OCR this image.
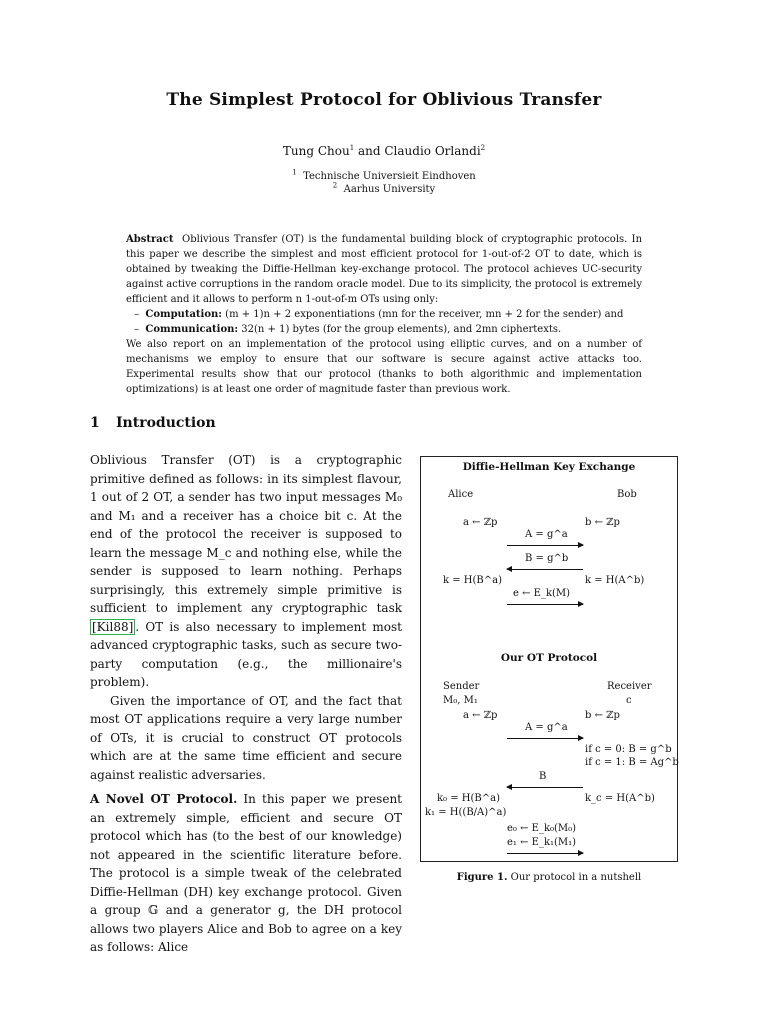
The Simplest Protocol for Oblivious Transfer
Tung Chou$^1$ and Claudio Orlandi$^2$
$^1$ Technische Universieit Eindhoven
$^2$ Aarhus University
Abstract Oblivious Transfer (OT) is the fundamental building block of cryptographic protocols. In this paper we describe the simplest and most efficient protocol for 1-out-of-2 OT to date, which is obtained by tweaking the Diffie-Hellman key-exchange protocol. The protocol achieves UC-security against active corruptions in the random oracle model. Due to its simplicity, the protocol is extremely efficient and it allows to perform n 1-out-of-m OTs using only:
–  Computation: (m + 1)n + 2 exponentiations (mn for the receiver, mn + 2 for the sender) and
–  Communication: 32(n + 1) bytes (for the group elements), and 2mn ciphertexts.
We also report on an implementation of the protocol using elliptic curves, and on a number of mechanisms we employ to ensure that our software is secure against active attacks too. Experimental results show that our protocol (thanks to both algorithmic and implementation optimizations) is at least one order of magnitude faster than previous work.
1 Introduction

Oblivious Transfer (OT) is a cryptographic primitive defined as follows: in its simplest flavour, 1 out of 2 OT, a sender has two input messages M₀ and M₁ and a receiver has a choice bit c. At the end of the protocol the receiver is supposed to learn the message M_c and nothing else, while the sender is supposed to learn nothing. Perhaps surprisingly, this extremely simple primitive is sufficient to implement any cryptographic task [Kil88] . OT is also necessary to implement most advanced cryptographic tasks, such as secure two-party computation (e.g., the millionaire's problem).

Given the importance of OT, and the fact that most OT applications require a very large number of OTs, it is crucial to construct OT protocols which are at the same time efficient and secure against realistic adversaries.

A Novel OT Protocol. In this paper we present an extremely simple, efficient and secure OT protocol which has (to the best of our knowledge) not appeared in the scientific literature before. The protocol is a simple tweak of the celebrated Diffie-Hellman (DH) key exchange protocol. Given a group 𝔾 and a generator g, the DH protocol allows two players Alice and Bob to agree on a key as follows: Alice

Diffie-Hellman Key Exchange
Alice	Bob
a ← ℤp	b ← ℤp
A = g^a
B = g^b
k = H(B^a)	k = H(A^b)
e ← E_k(M)
Our OT Protocol
Sender	Receiver
M₀, M₁	c
a ← ℤp	b ← ℤp
A = g^a
if c = 0: B = g^b
if c = 1: B = Ag^b
B
k₀ = H(B^a)	k_c = H(A^b)
k₁ = H((B/A)^a)
e₀ ← E_k₀(M₀)
e₁ ← E_k₁(M₁)
Figure 1. Our protocol in a nutshell
